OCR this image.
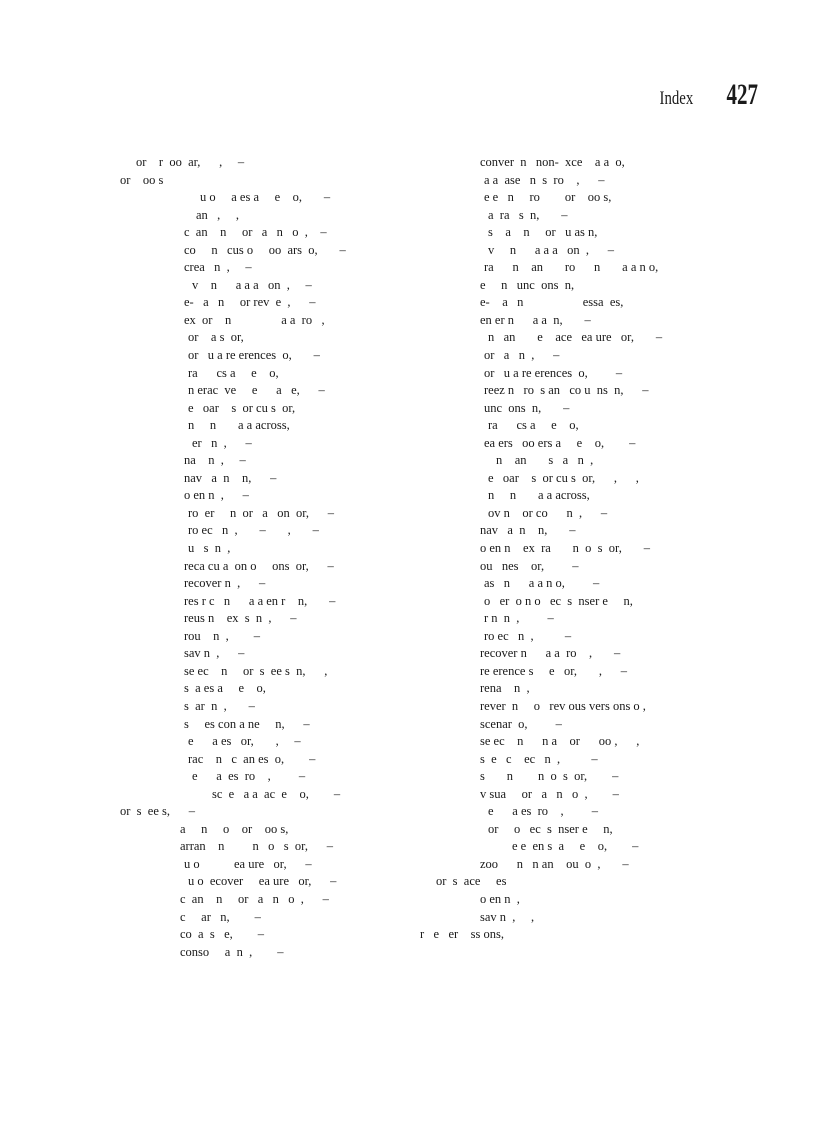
Index 427
or    r  oo  ar,      ,     –
or    oo s
u o     a es a     e    o,       –
an   ,     ,
c  an    n     or   a   n   o  ,    –
co     n   cus o     oo  ars  o,       –
crea   n  ,     –
v    n      a a a   on  ,     –
e-   a   n     or rev  e  ,      –
ex  or    n                a a  ro   ,
or    a s  or,
or   u a re erences  o,       –
ra      cs a     e    o,
n erac  ve     e      a   e,      –
e   oar    s  or cu s  or,
n     n       a a across,
er   n  ,      –
na    n  ,     –
nav   a  n    n,      –
o en n  ,      –
ro  er     n  or   a   on  or,      –
ro ec   n  ,       –       ,       –
u   s  n  ,
reca cu a  on o     ons  or,      –
recover n  ,      –
res r c   n      a a en r    n,       –
reus n    ex  s  n  ,      –
rou    n  ,        –
sav n  ,      –
se ec    n     or  s  ee s  n,      ,
s  a es a     e    o,
s  ar  n  ,       –
s     es con a ne     n,      –
e      a es   or,       ,     –
rac    n   c  an es  o,        –
e      a  es  ro    ,         –
sc  e   a a  ac  e    o,        –
or  s  ee s,      –
a     n     o    or    oo s,
arran    n         n   o   s  or,      –
u o           ea ure   or,      –
u o  ecover     ea ure   or,      –
c  an    n     or   a   n   o  ,      –
c     ar   n,        –
co  a  s   e,        –
conso     a  n  ,        –
conver  n   non-  xce    a a  o,
a a  ase   n  s  ro    ,      –
e e   n     ro        or    oo s,
a  ra   s  n,       –
s    a    n     or   u as n,
v     n      a a a   on  ,      –
ra      n    an       ro      n       a a n o,
e     n   unc  ons  n,
e-    a   n                   essa  es,
en er n      a a  n,       –
n   an       e    ace   ea ure   or,       –
or   a   n  ,      –
or   u a re erences  o,         –
reez n   ro  s an   co u  ns  n,      –
unc  ons  n,       –
ra      cs a     e    o,
ea ers   oo ers a     e    o,        –
n    an       s   a   n  ,
e   oar    s  or cu s  or,      ,      ,
n     n       a a across,
ov n    or co      n  ,      –
nav   a  n    n,       –
o en n    ex  ra       n  o  s  or,       –
ou   nes    or,         –
as   n      a a n o,         –
o   er  o n o   ec  s  nser e     n,
r n  n  ,         –
ro ec   n  ,          –
recover n      a a  ro    ,       –
re erence s     e   or,       ,      –
rena    n  ,
rever  n     o   rev ous vers ons o ,
scenar  o,         –
se ec    n      n a    or      oo ,      ,
s  e   c    ec   n  ,          –
s       n        n  o  s  or,        –
v sua     or   a   n   o  ,        –
e      a es  ro    ,         –
or     o   ec  s  nser e     n,
e e  en s  a     e    o,        –
zoo      n   n an    ou  o  ,       –
or  s  ace     es
o en n  ,
sav n  ,     ,
r   e   er    ss ons,
